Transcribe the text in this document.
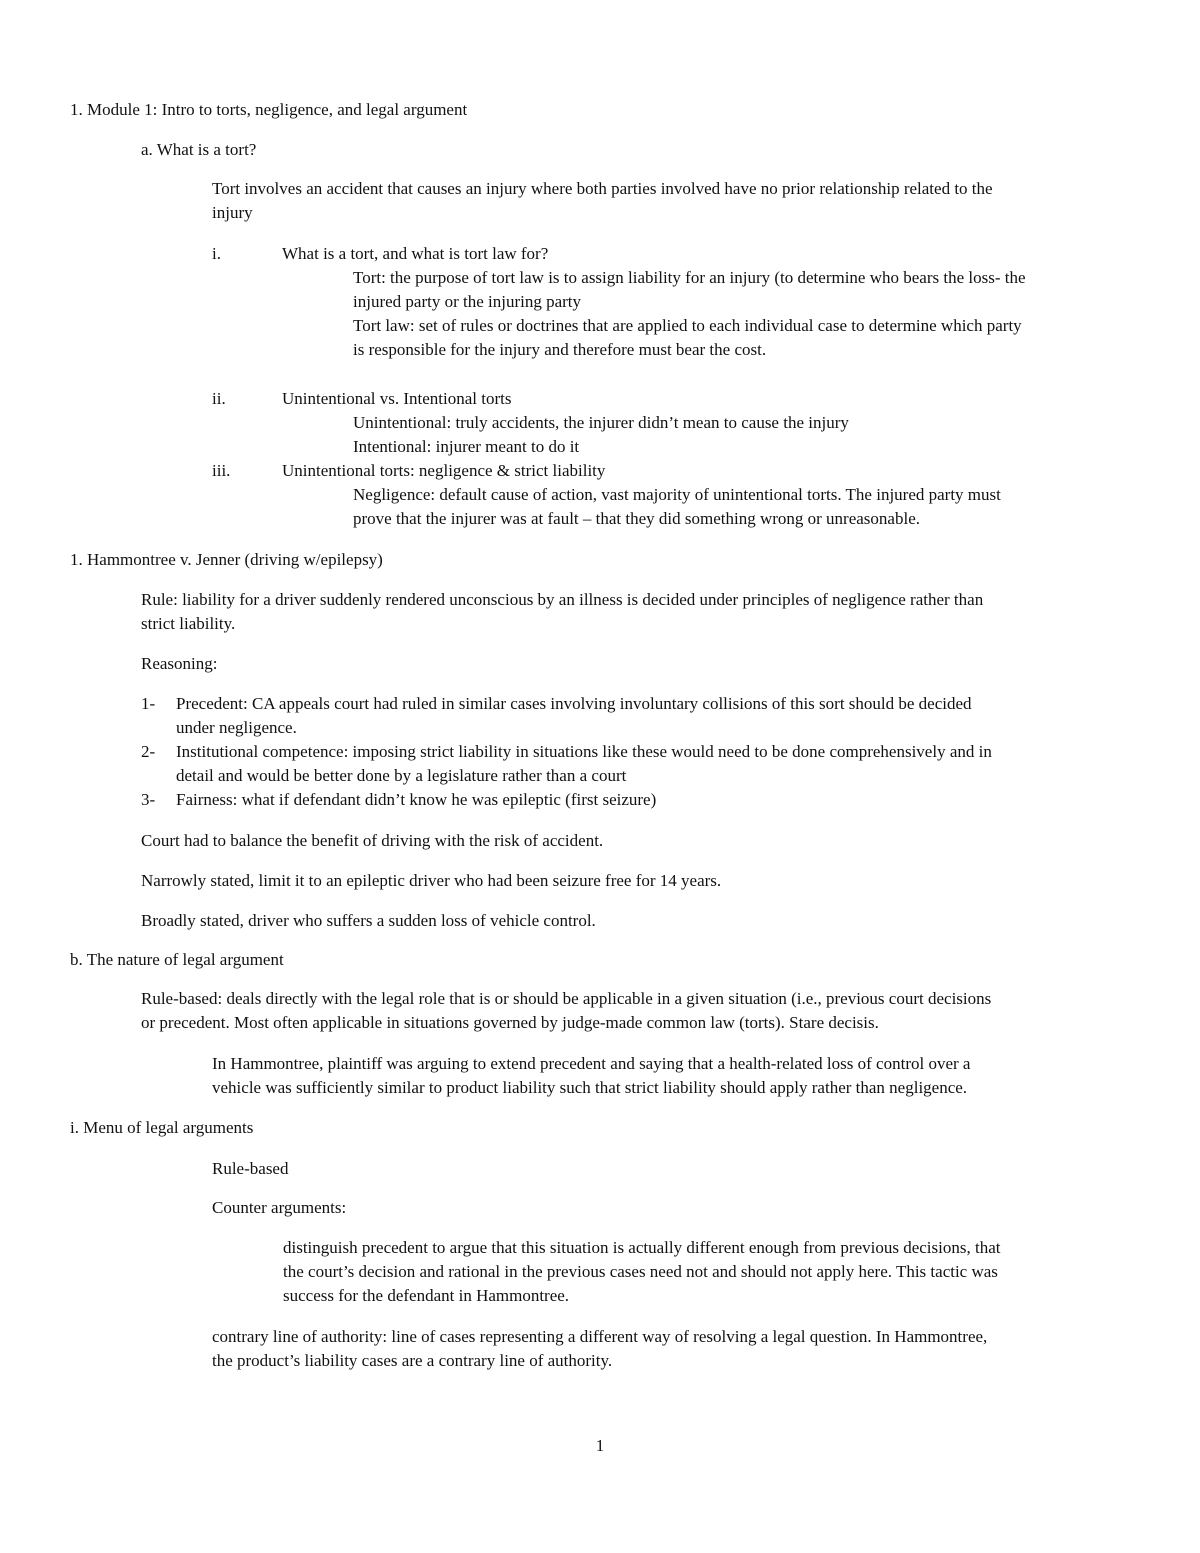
1. Module 1: Intro to torts, negligence, and legal argument
a. What is a tort?
Tort involves an accident that causes an injury where both parties involved have no prior relationship related to the
injury
i.	What is a tort, and what is tort law for?
Tort: the purpose of tort law is to assign liability for an injury (to determine who bears the loss- the
injured party or the injuring party
Tort law: set of rules or doctrines that are applied to each individual case to determine which party
is responsible for the injury and therefore must bear the cost.
ii.	Unintentional vs. Intentional torts
Unintentional: truly accidents, the injurer didn’t mean to cause the injury
Intentional: injurer meant to do it
iii.	Unintentional torts: negligence & strict liability
Negligence: default cause of action, vast majority of unintentional torts. The injured party must
prove that the injurer was at fault – that they did something wrong or unreasonable.
1. Hammontree v. Jenner (driving w/epilepsy)
Rule: liability for a driver suddenly rendered unconscious by an illness is decided under principles of negligence rather than
strict liability.
Reasoning:
1- Precedent: CA appeals court had ruled in similar cases involving involuntary collisions of this sort should be decided
under negligence.
2- Institutional competence: imposing strict liability in situations like these would need to be done comprehensively and in
detail and would be better done by a legislature rather than a court
3- Fairness: what if defendant didn’t know he was epileptic (first seizure)
Court had to balance the benefit of driving with the risk of accident.
Narrowly stated, limit it to an epileptic driver who had been seizure free for 14 years.
Broadly stated, driver who suffers a sudden loss of vehicle control.
b. The nature of legal argument
Rule-based: deals directly with the legal role that is or should be applicable in a given situation (i.e., previous court decisions
or precedent. Most often applicable in situations governed by judge-made common law (torts). Stare decisis.
In Hammontree, plaintiff was arguing to extend precedent and saying that a health-related loss of control over a
vehicle was sufficiently similar to product liability such that strict liability should apply rather than negligence.
i. Menu of legal arguments
Rule-based
Counter arguments:
distinguish precedent to argue that this situation is actually different enough from previous decisions, that
the court’s decision and rational in the previous cases need not and should not apply here. This tactic was
success for the defendant in Hammontree.
contrary line of authority: line of cases representing a different way of resolving a legal question. In Hammontree,
the product’s liability cases are a contrary line of authority.
1
